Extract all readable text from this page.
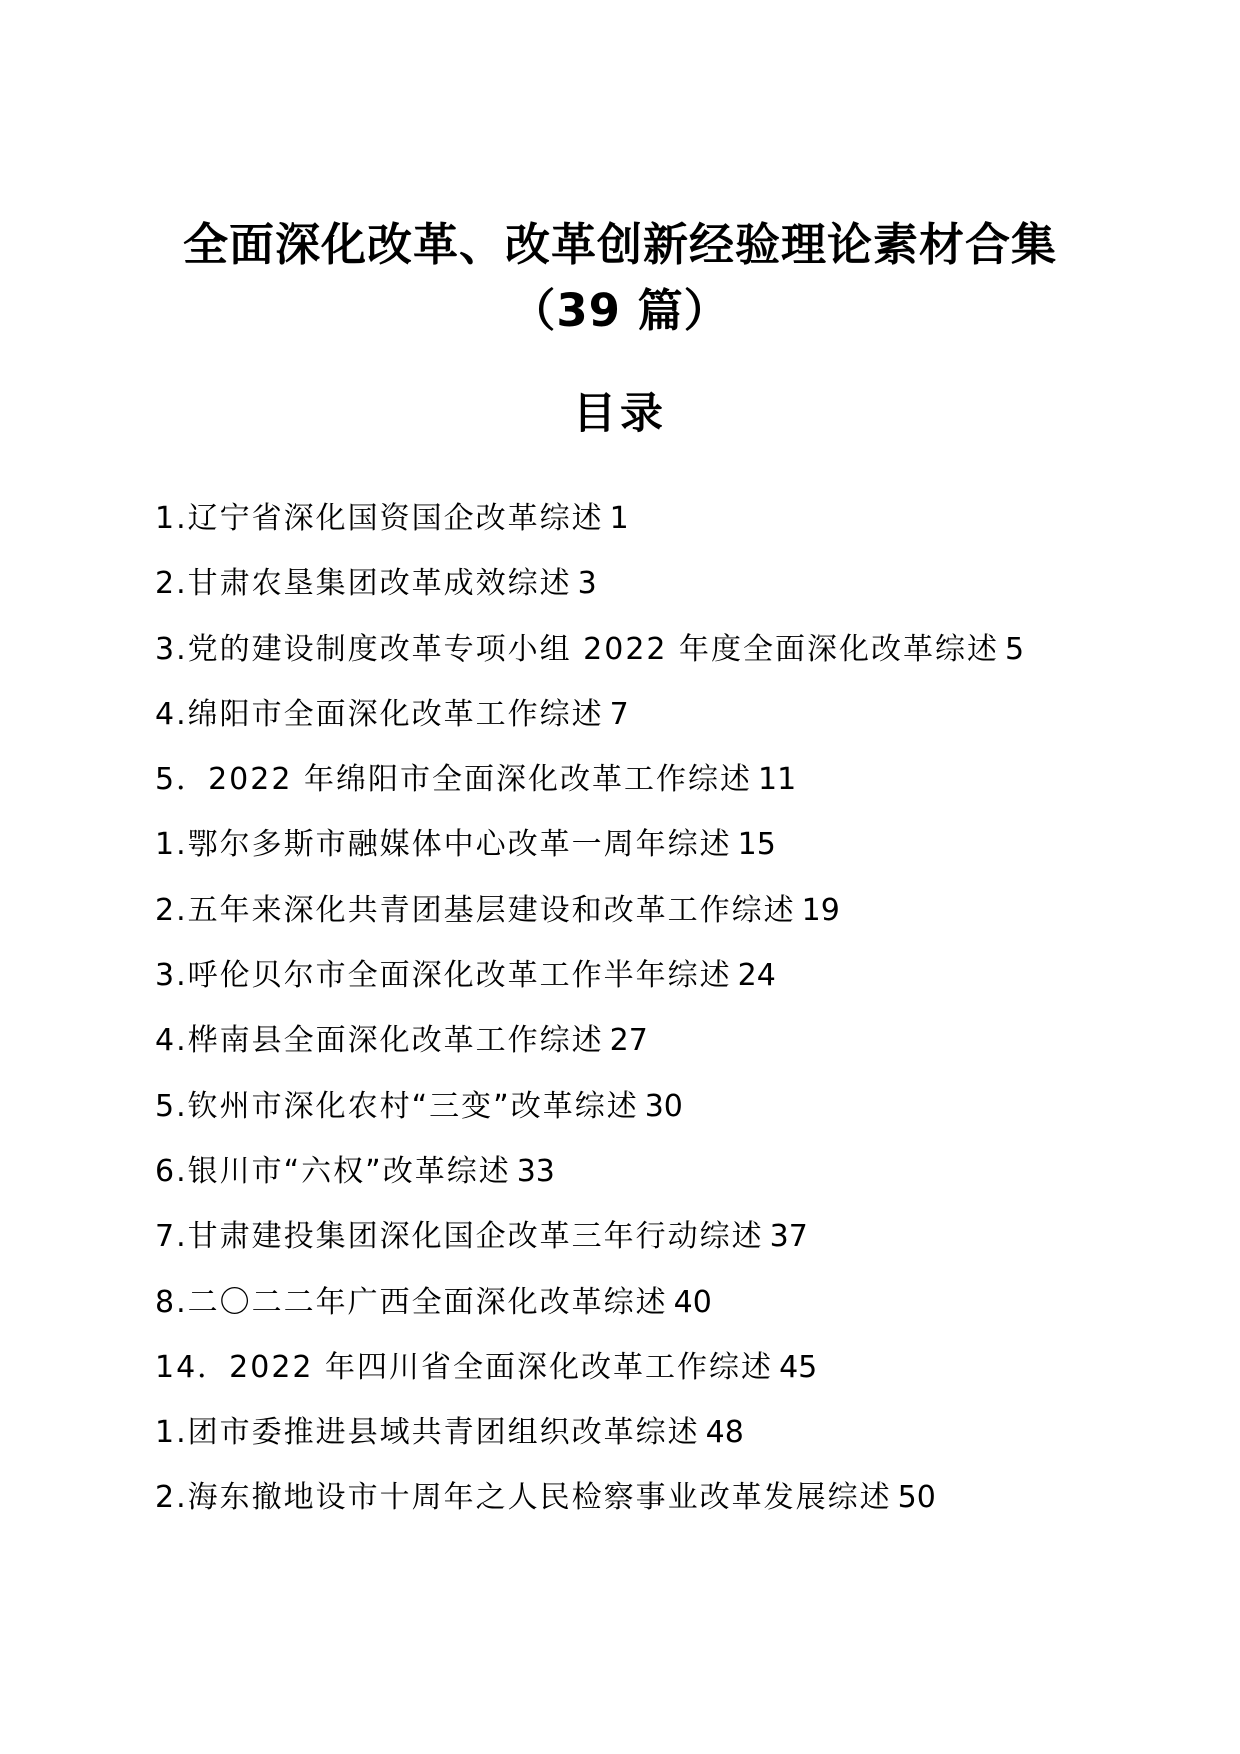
全面深化改革、改革创新经验理论素材合集
（39 篇）
目录
1.辽宁省深化国资国企改革综述 1
2.甘肃农垦集团改革成效综述 3
3.党的建设制度改革专项小组 2022 年度全面深化改革综述 5
4.绵阳市全面深化改革工作综述 7
5．2022 年绵阳市全面深化改革工作综述 11
1.鄂尔多斯市融媒体中心改革一周年综述 15
2.五年来深化共青团基层建设和改革工作综述 19
3.呼伦贝尔市全面深化改革工作半年综述 24
4.桦南县全面深化改革工作综述 27
5.钦州市深化农村“三变”改革综述 30
6.银川市“六权”改革综述 33
7.甘肃建投集团深化国企改革三年行动综述 37
8.二〇二二年广西全面深化改革综述 40
14．2022 年四川省全面深化改革工作综述 45
1.团市委推进县域共青团组织改革综述 48
2.海东撤地设市十周年之人民检察事业改革发展综述 50
